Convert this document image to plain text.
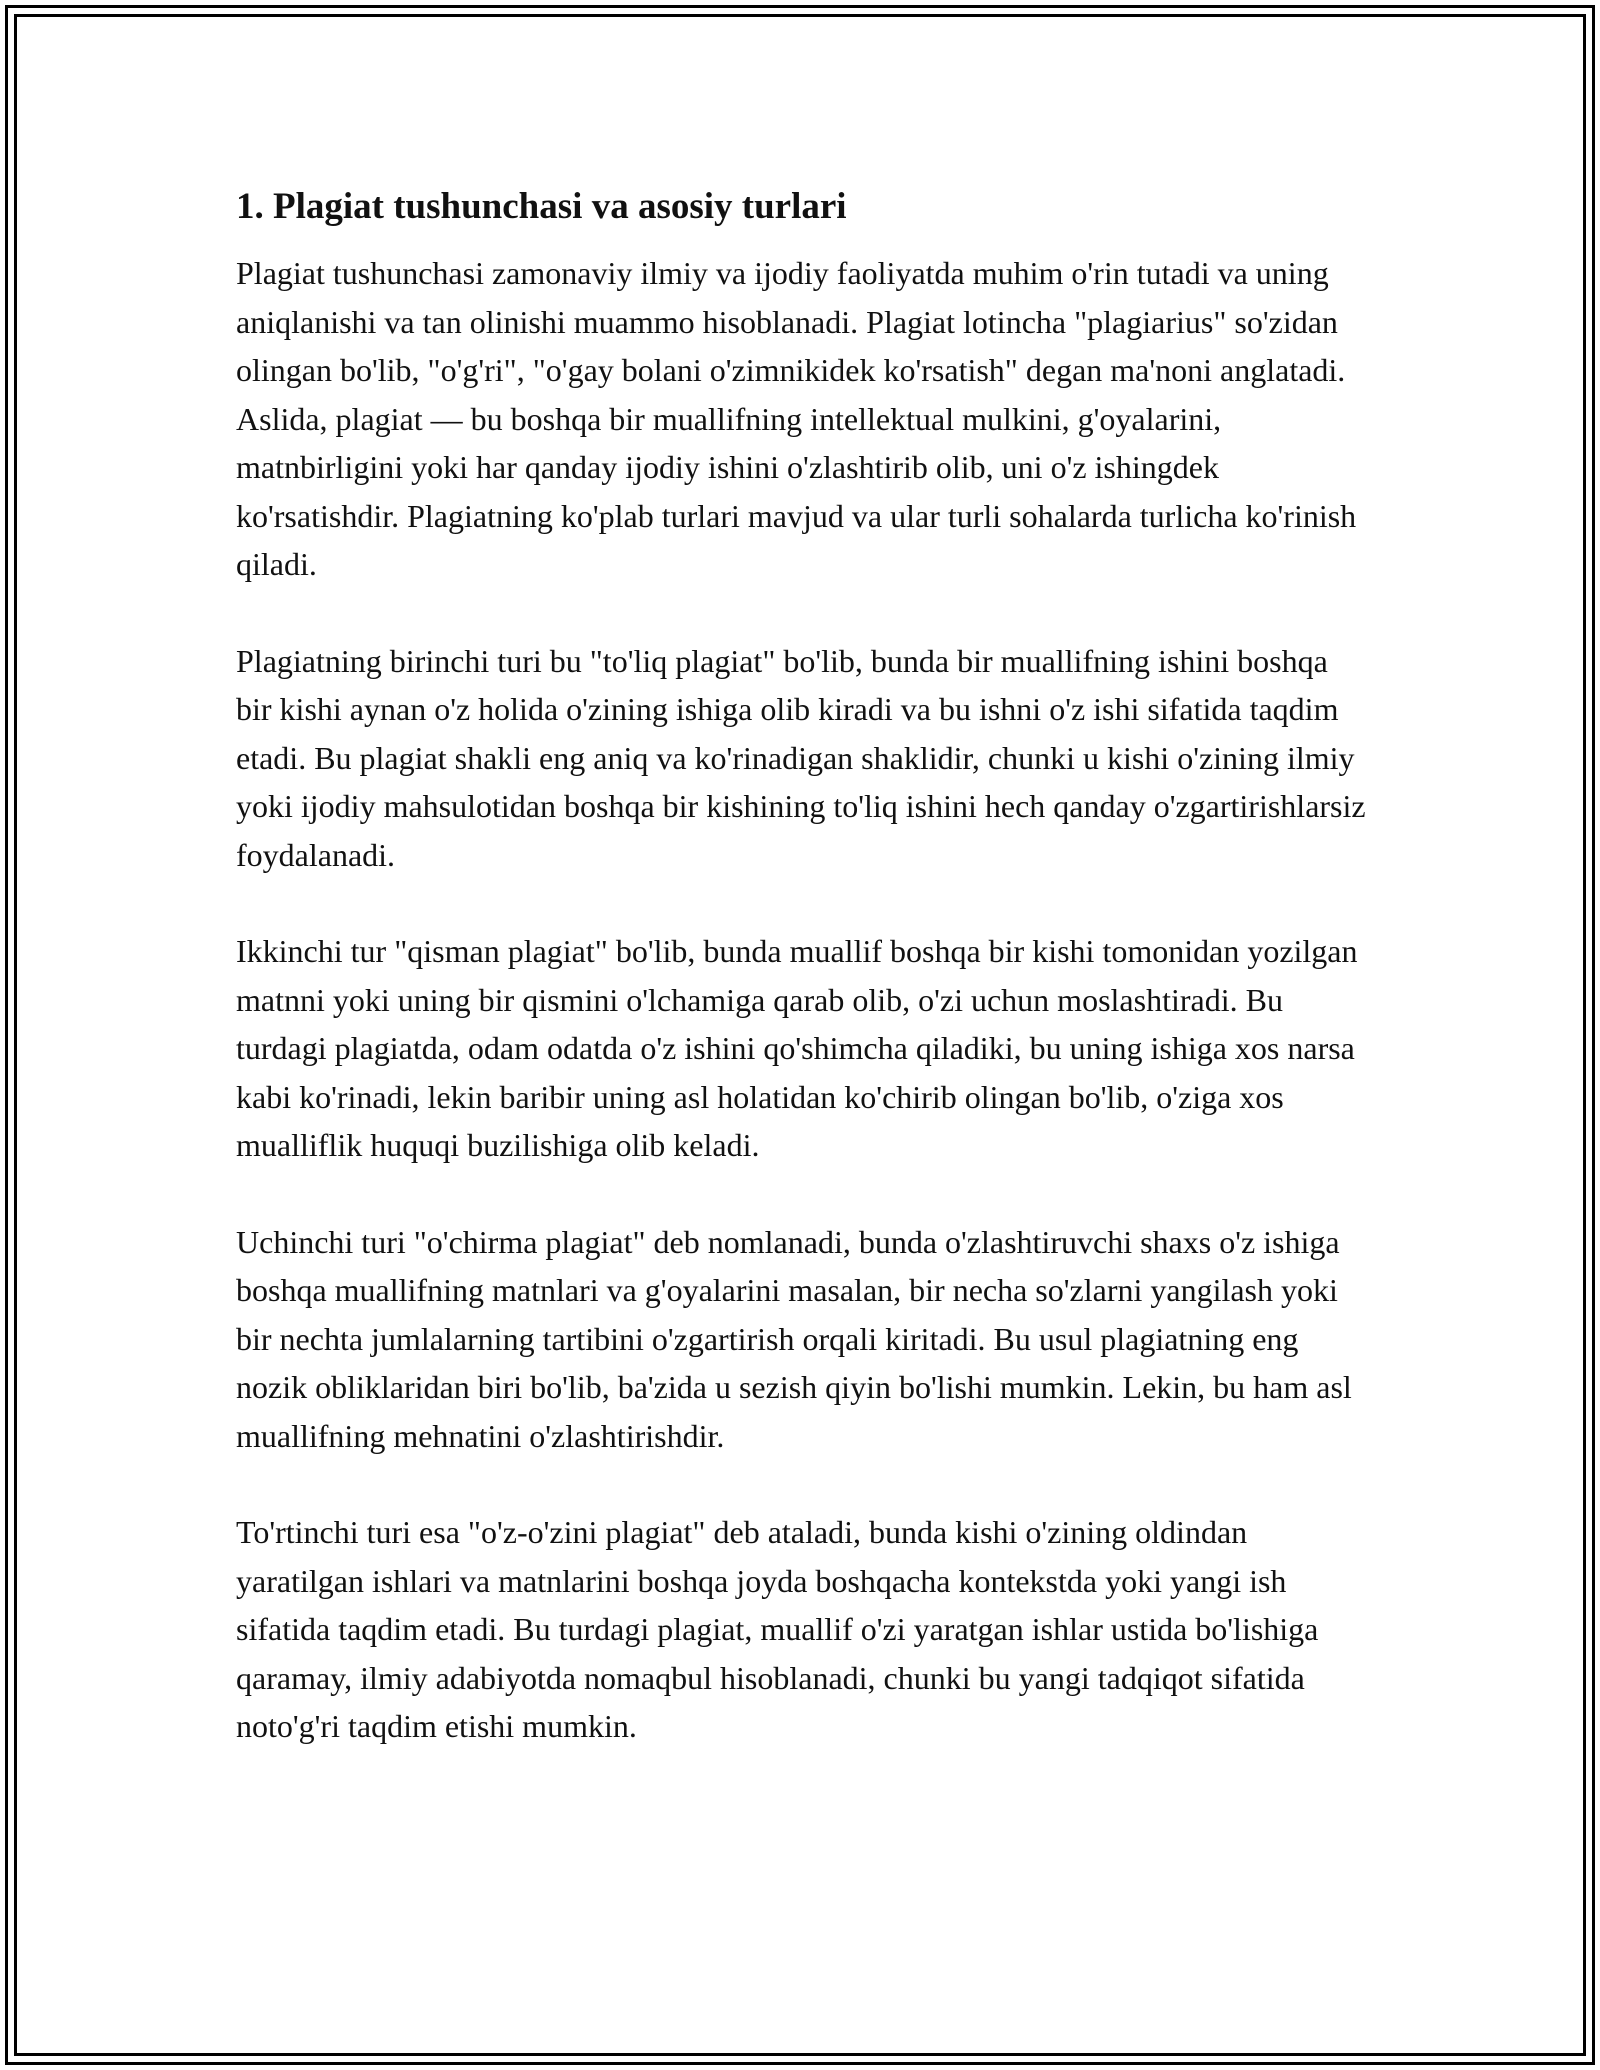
1. Plagiat tushunchasi va asosiy turlari

Plagiat tushunchasi zamonaviy ilmiy va ijodiy faoliyatda muhim o'rin tutadi va uning aniqlanishi va tan olinishi muammo hisoblanadi. Plagiat lotincha "plagiarius" so'zidan olingan bo'lib, "o'g'ri", "o'gay bolani o'zimnikidek ko'rsatish" degan ma'noni anglatadi. Aslida, plagiat — bu boshqa bir muallifning intellektual mulkini, g'oyalarini, matnbirligini yoki har qanday ijodiy ishini o'zlashtirib olib, uni o'z ishingdek ko'rsatishdir. Plagiatning ko'plab turlari mavjud va ular turli sohalarda turlicha ko'rinish qiladi.

Plagiatning birinchi turi bu "to'liq plagiat" bo'lib, bunda bir muallifning ishini boshqa bir kishi aynan o'z holida o'zining ishiga olib kiradi va bu ishni o'z ishi sifatida taqdim etadi. Bu plagiat shakli eng aniq va ko'rinadigan shaklidir, chunki u kishi o'zining ilmiy yoki ijodiy mahsulotidan boshqa bir kishining to'liq ishini hech qanday o'zgartirishlarsiz foydalanadi.

Ikkinchi tur "qisman plagiat" bo'lib, bunda muallif boshqa bir kishi tomonidan yozilgan matnni yoki uning bir qismini o'lchamiga qarab olib, o'zi uchun moslashtiradi. Bu turdagi plagiatda, odam odatda o'z ishini qo'shimcha qiladiki, bu uning ishiga xos narsa kabi ko'rinadi, lekin baribir uning asl holatidan ko'chirib olingan bo'lib, o'ziga xos mualliflik huquqi buzilishiga olib keladi.

Uchinchi turi "o'chirma plagiat" deb nomlanadi, bunda o'zlashtiruvchi shaxs o'z ishiga boshqa muallifning matnlari va g'oyalarini masalan, bir necha so'zlarni yangilash yoki bir nechta jumlalarning tartibini o'zgartirish orqali kiritadi. Bu usul plagiatning eng nozik obliklaridan biri bo'lib, ba'zida u sezish qiyin bo'lishi mumkin. Lekin, bu ham asl muallifning mehnatini o'zlashtirishdir.

To'rtinchi turi esa "o'z-o'zini plagiat" deb ataladi, bunda kishi o'zining oldindan yaratilgan ishlari va matnlarini boshqa joyda boshqacha kontekstda yoki yangi ish sifatida taqdim etadi. Bu turdagi plagiat, muallif o'zi yaratgan ishlar ustida bo'lishiga qaramay, ilmiy adabiyotda nomaqbul hisoblanadi, chunki bu yangi tadqiqot sifatida noto'g'ri taqdim etishi mumkin.
